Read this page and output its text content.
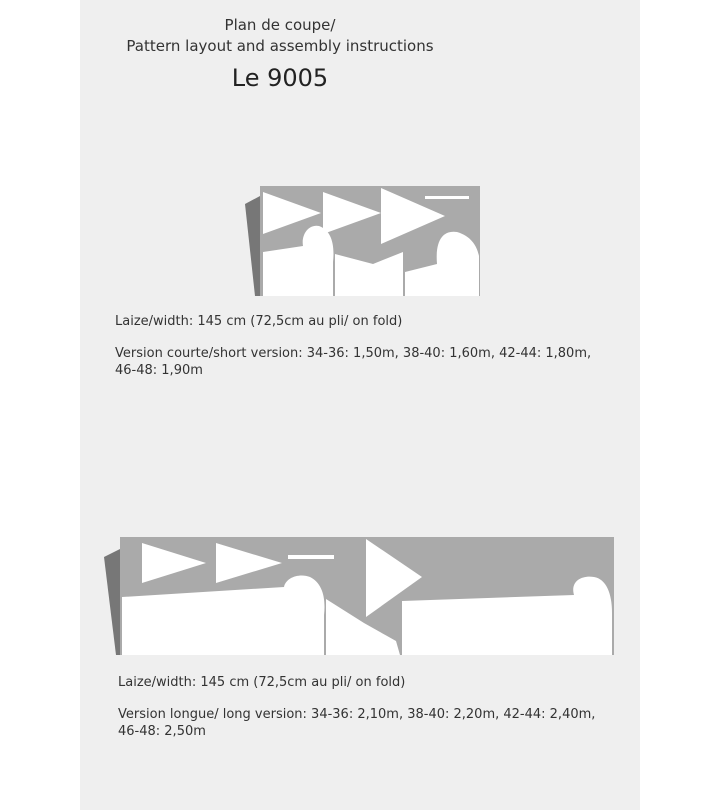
Plan de coupe/
Pattern layout and assembly instructions
Le 9005
Laize/width: 145 cm (72,5cm au pli/ on fold)
Version courte/short version: 34-36: 1,50m, 38-40: 1,60m, 42-44: 1,80m,
46-48: 1,90m
Laize/width: 145 cm (72,5cm au pli/ on fold)
Version longue/ long version: 34-36: 2,10m, 38-40: 2,20m, 42-44: 2,40m,
46-48: 2,50m
